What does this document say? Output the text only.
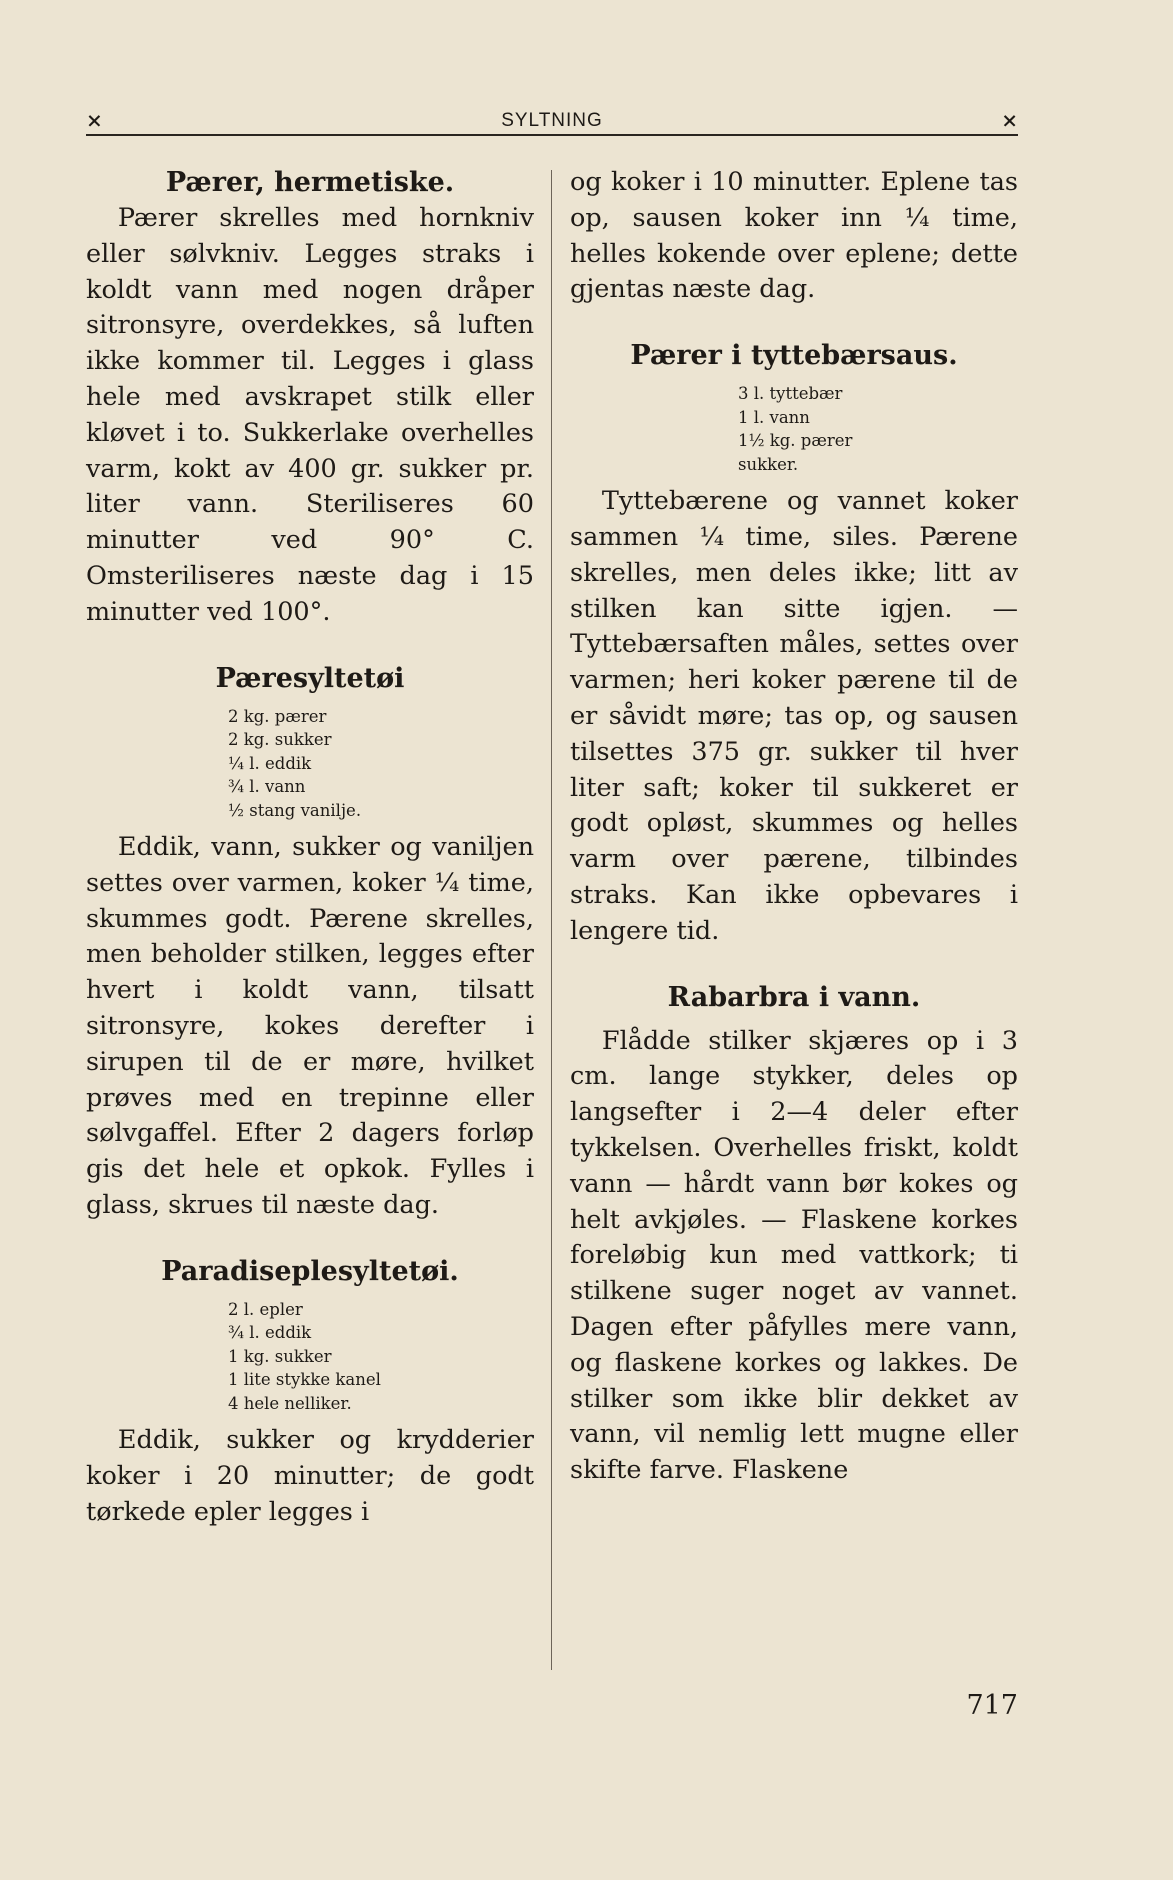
×	SYLTNING	×
Pærer, hermetiske.

Pærer skrelles med hornkniv eller sølvkniv. Legges straks i koldt vann med nogen dråper sitronsyre, overdekkes, så luften ikke kommer til. Legges i glass hele med avskrapet stilk eller kløvet i to. Sukkerlake overhelles varm, kokt av 400 gr. sukker pr. liter vann. Steriliseres 60 minutter ved 90° C. Omsteriliseres næste dag i 15 minutter ved 100°.

Pæresyltetøi
2 kg. pærer
2 kg. sukker
¼ l. eddik
¾ l. vann
½ stang vanilje.

Eddik, vann, sukker og vaniljen settes over varmen, koker ¼ time, skummes godt. Pærene skrelles, men beholder stilken, legges efter hvert i koldt vann, tilsatt sitronsyre, kokes derefter i sirupen til de er møre, hvilket prøves med en trepinne eller sølvgaffel. Efter 2 dagers forløp gis det hele et opkok. Fylles i glass, skrues til næste dag.

Paradiseplesyltetøi.
2 l. epler
¾ l. eddik
1 kg. sukker
1 lite stykke kanel
4 hele nelliker.

Eddik, sukker og krydderier koker i 20 minutter; de godt tørkede epler legges i

og koker i 10 minutter. Eplene tas op, sausen koker inn ¼ time, helles kokende over eplene; dette gjentas næste dag.

Pærer i tyttebærsaus.
3 l. tyttebær
1 l. vann
1½ kg. pærer
sukker.

Tyttebærene og vannet koker sammen ¼ time, siles. Pærene skrelles, men deles ikke; litt av stilken kan sitte igjen. — Tyttebærsaften måles, settes over varmen; heri koker pærene til de er såvidt møre; tas op, og sausen tilsettes 375 gr. sukker til hver liter saft; koker til sukkeret er godt opløst, skummes og helles varm over pærene, tilbindes straks. Kan ikke opbevares i lengere tid.

Rabarbra i vann.

Flådde stilker skjæres op i 3 cm. lange stykker, deles op langsefter i 2—4 deler efter tykkelsen. Overhelles friskt, koldt vann — hårdt vann bør kokes og helt avkjøles. — Flaskene korkes foreløbig kun med vattkork; ti stilkene suger noget av vannet. Dagen efter påfylles mere vann, og flaskene korkes og lakkes. De stilker som ikke blir dekket av vann, vil nemlig lett mugne eller skifte farve. Flaskene

717
